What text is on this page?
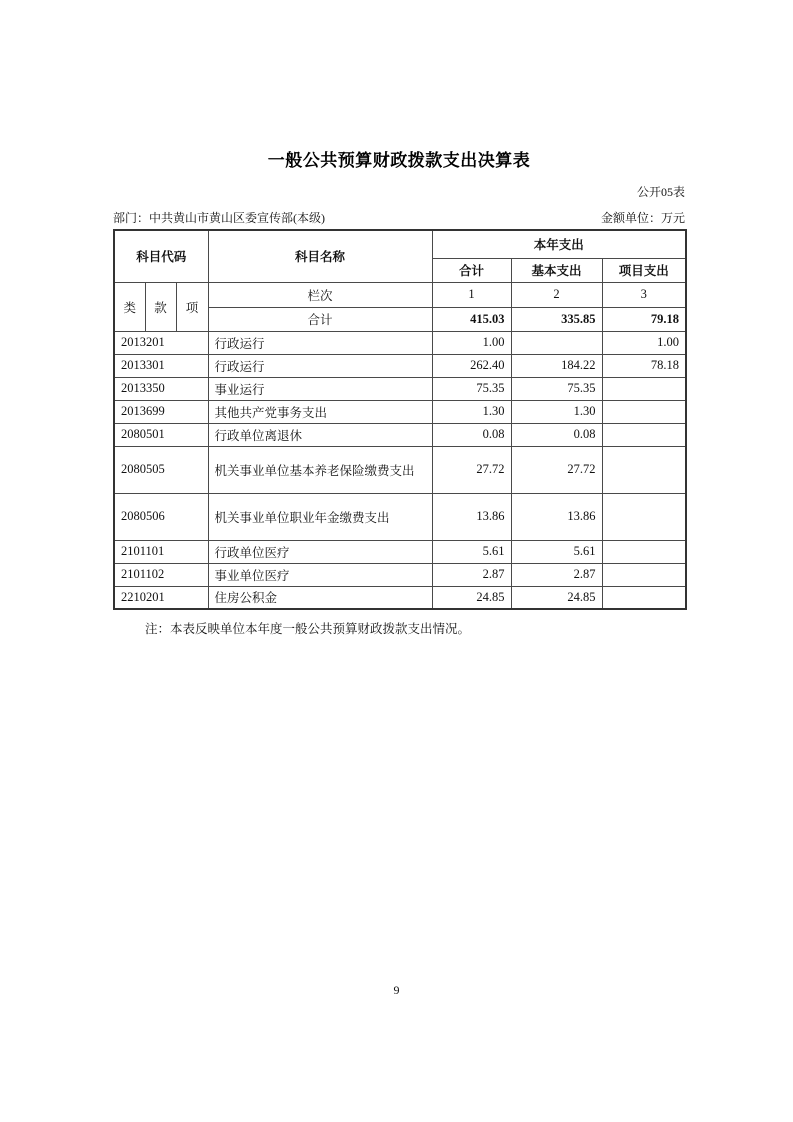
一般公共预算财政拨款支出决算表
公开05表
部门：中共黄山市黄山区委宣传部(本级)	金额单位：万元
科目代码			科目名称	本年支出		
				合计	基本支出	项目支出
类	款	项	栏次	1	2	3
			合计	415.03	335.85	79.18
2013201			行政运行	1.00		1.00
2013301			行政运行	262.40	184.22	78.18
2013350			事业运行	75.35	75.35	
2013699			其他共产党事务支出	1.30	1.30	
2080501			行政单位离退休	0.08	0.08	
2080505			机关事业单位基本养老保险缴费支出	27.72	27.72	
2080506			机关事业单位职业年金缴费支出	13.86	13.86	
2101101			行政单位医疗	5.61	5.61	
2101102			事业单位医疗	2.87	2.87	
2210201			住房公积金	24.85	24.85	
注：本表反映单位本年度一般公共预算财政拨款支出情况。
9
